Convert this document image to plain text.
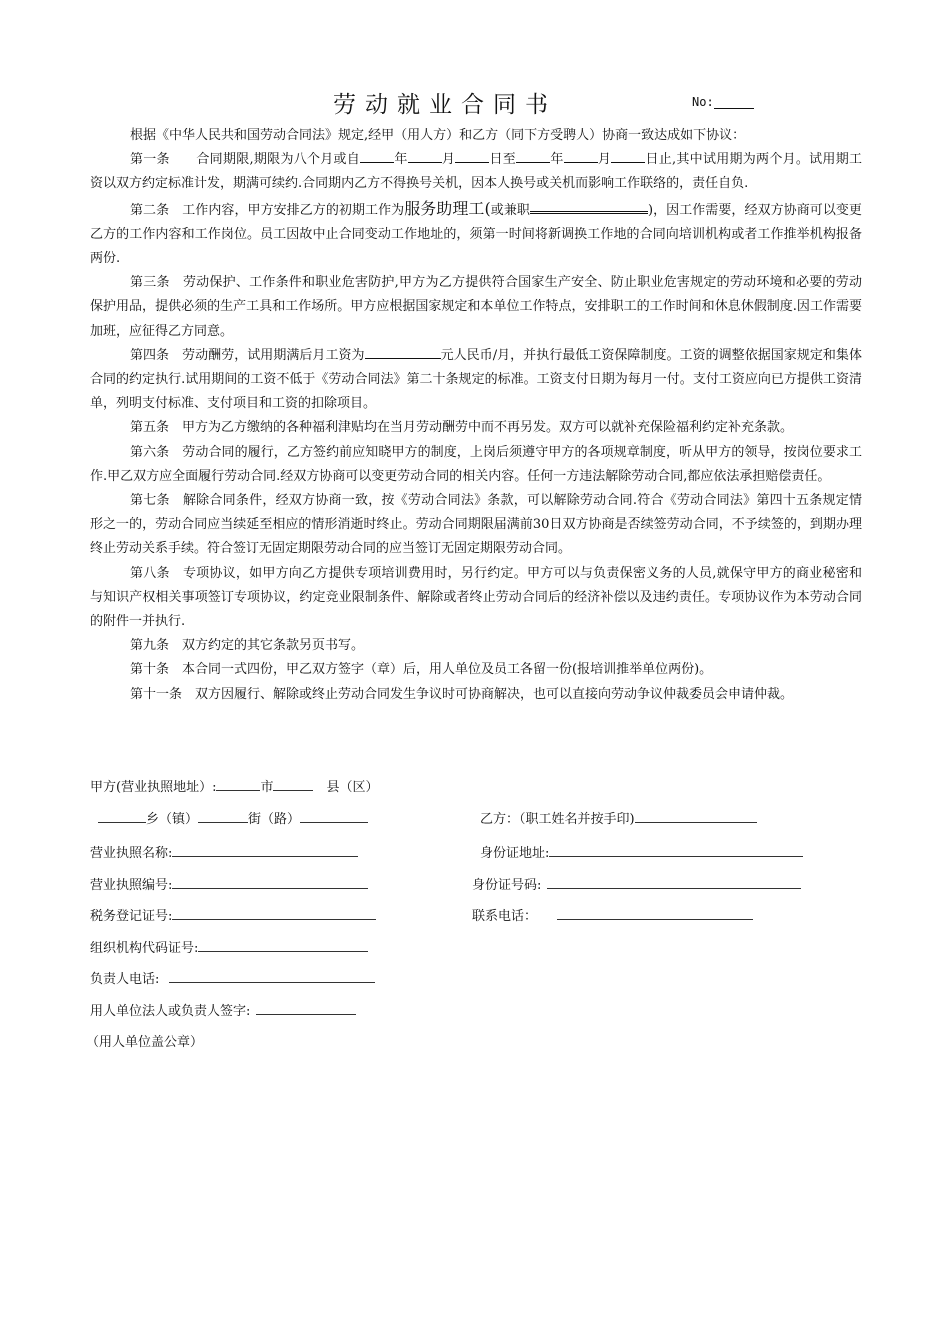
劳动就业合同书	No:

根据《中华人民共和国劳动合同法》规定,经甲（用人方）和乙方（同下方受聘人）协商一致达成如下协议：

第一条　　 合同期限,期限为八个月或自	年	月	日至	年	月	日止,其中试用期为两个月。试用期工资以双方约定标准计发，期满可续约.合同期内乙方不得换号关机，因本人换号或关机而影响工作联络的，责任自负.

第二条　 工作内容，甲方安排乙方的初期工作为服务助理工(或兼职	)，因工作需要，经双方协商可以变更乙方的工作内容和工作岗位。员工因故中止合同变动工作地址的，须第一时间将新调换工作地的合同向培训机构或者工作推举机构报备两份.

第三条　 劳动保护、工作条件和职业危害防护,甲方为乙方提供符合国家生产安全、防止职业危害规定的劳动环境和必要的劳动保护用品，提供必须的生产工具和工作场所。甲方应根据国家规定和本单位工作特点，安排职工的工作时间和休息休假制度.因工作需要加班，应征得乙方同意。

第四条　 劳动酬劳，试用期满后月工资为	元人民币/月，并执行最低工资保障制度。工资的调整依据国家规定和集体合同的约定执行.试用期间的工资不低于《劳动合同法》第二十条规定的标准。工资支付日期为每月一付。支付工资应向已方提供工资清单，列明支付标准、支付项目和工资的扣除项目。

第五条　 甲方为乙方缴纳的各种福利津贴均在当月劳动酬劳中而不再另发。双方可以就补充保险福利约定补充条款。

第六条　 劳动合同的履行，乙方签约前应知晓甲方的制度，上岗后须遵守甲方的各项规章制度，听从甲方的领导，按岗位要求工作.甲乙双方应全面履行劳动合同.经双方协商可以变更劳动合同的相关内容。任何一方违法解除劳动合同,都应依法承担赔偿责任。

第七条　 解除合同条件，经双方协商一致，按《劳动合同法》条款，可以解除劳动合同.符合《劳动合同法》第四十五条规定情形之一的，劳动合同应当续延至相应的情形消逝时终止。劳动合同期限届满前30日双方协商是否续签劳动合同，不予续签的，到期办理终止劳动关系手续。符合签订无固定期限劳动合同的应当签订无固定期限劳动合同。

第八条　 专项协议，如甲方向乙方提供专项培训费用时，另行约定。甲方可以与负责保密义务的人员,就保守甲方的商业秘密和与知识产权相关事项签订专项协议，约定竞业限制条件、解除或者终止劳动合同后的经济补偿以及违约责任。专项协议作为本劳动合同的附件一并执行.

第九条　 双方约定的其它条款另页书写。

第十条　 本合同一式四份，甲乙双方签字（章）后，用人单位及员工各留一份(报培训推举单位两份)。

第十一条　 双方因履行、解除或终止劳动合同发生争议时可协商解决，也可以直接向劳动争议仲裁委员会申请仲裁。

甲方(营业执照地址）:	市　	县（区）
乡（镇）	街（路）	乙方：（职工姓名并按手印)
营业执照名称:	身份证地址:
营业执照编号:	身份证号码:
税务登记证号:	联系电话：
组织机构代码证号:
负责人电话:
用人单位法人或负责人签字:
（用人单位盖公章）
